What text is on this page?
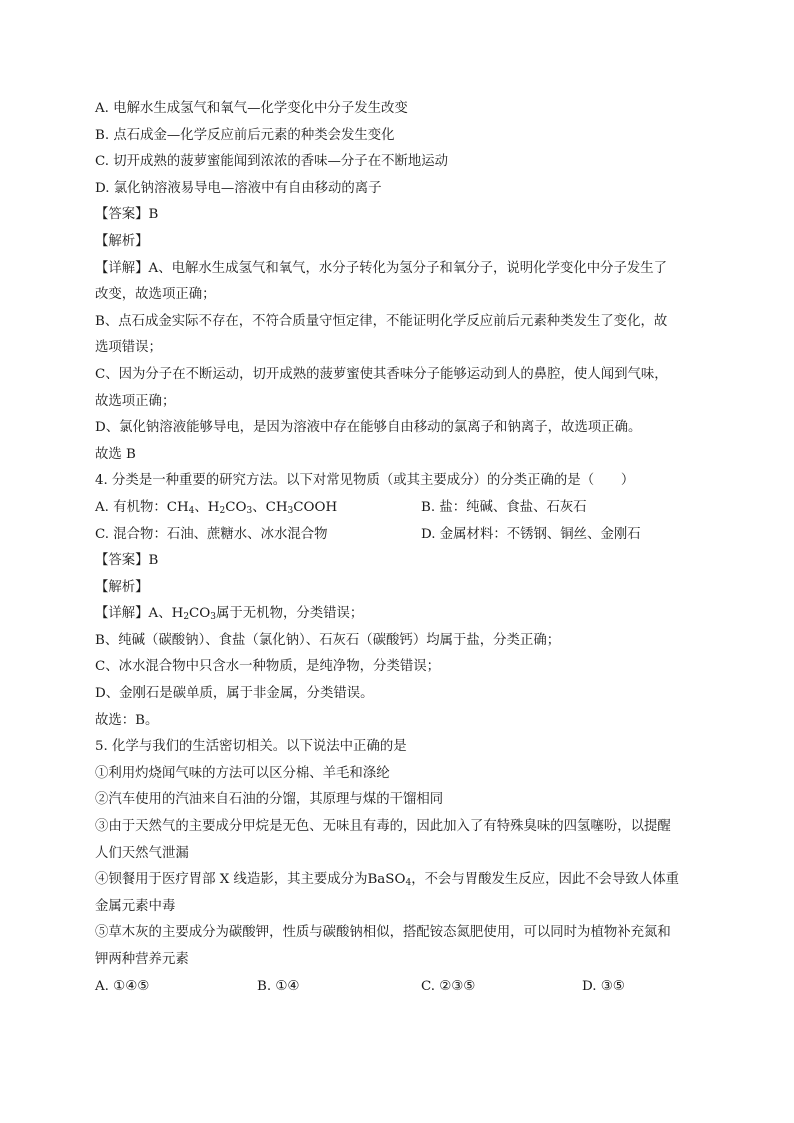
A. 电解水生成氢气和氧气—化学变化中分子发生改变
B. 点石成金—化学反应前后元素的种类会发生变化
C. 切开成熟的菠萝蜜能闻到浓浓的香味—分子在不断地运动
D. 氯化钠溶液易导电—溶液中有自由移动的离子
【答案】B
【解析】
【详解】A、电解水生成氢气和氧气，水分子转化为氢分子和氧分子，说明化学变化中分子发生了
改变，故选项正确；
B、点石成金实际不存在，不符合质量守恒定律，不能证明化学反应前后元素种类发生了变化，故
选项错误；
C、因为分子在不断运动，切开成熟的菠萝蜜使其香味分子能够运动到人的鼻腔，使人闻到气味，
故选项正确；
D、氯化钠溶液能够导电，是因为溶液中存在能够自由移动的氯离子和钠离子，故选项正确。
故选 B
4. 分类是一种重要的研究方法。以下对常见物质（或其主要成分）的分类正确的是（　　）
A. 有机物：$CH_4$、$H_2CO_3$、$CH_3COOH$	B. 盐：纯碱、食盐、石灰石
C. 混合物：石油、蔗糖水、冰水混合物	D. 金属材料：不锈钢、铜丝、金刚石
【答案】B
【解析】
【详解】A、$H_2CO_3$属于无机物，分类错误；
B、纯碱（碳酸钠）、食盐（氯化钠）、石灰石（碳酸钙）均属于盐，分类正确；
C、冰水混合物中只含水一种物质，是纯净物，分类错误；
D、金刚石是碳单质，属于非金属，分类错误。
故选：B。
5. 化学与我们的生活密切相关。以下说法中正确的是
①利用灼烧闻气味的方法可以区分棉、羊毛和涤纶
②汽车使用的汽油来自石油的分馏，其原理与煤的干馏相同
③由于天然气的主要成分甲烷是无色、无味且有毒的，因此加入了有特殊臭味的四氢噻吩，以提醒
人们天然气泄漏
④钡餐用于医疗胃部 X 线造影，其主要成分为BaSO$_4$，不会与胃酸发生反应，因此不会导致人体重
金属元素中毒
⑤草木灰的主要成分为碳酸钾，性质与碳酸钠相似，搭配铵态氮肥使用，可以同时为植物补充氮和
钾两种营养元素
A. ①④⑤	B. ①④	C. ②③⑤	D. ③⑤
